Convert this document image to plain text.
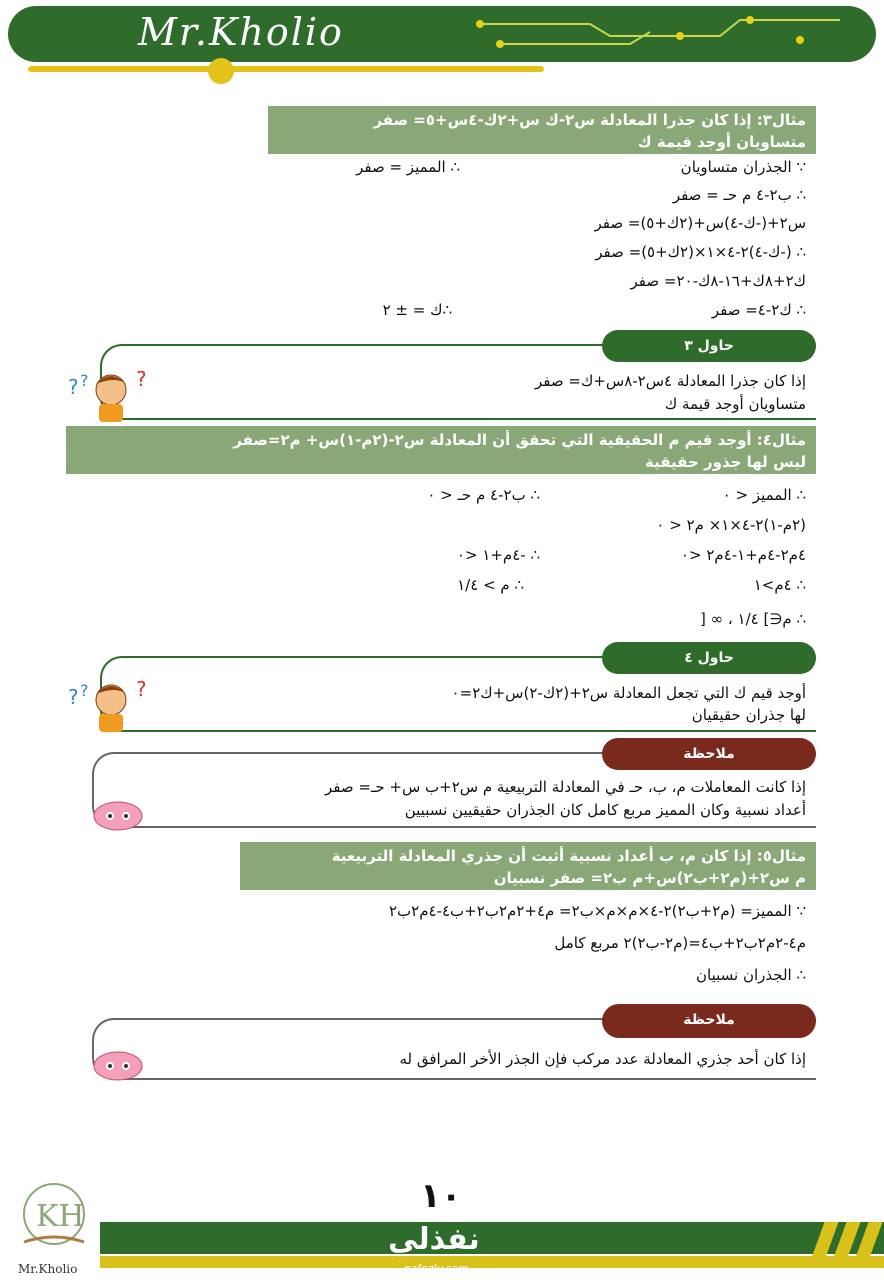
Mr.Kholio
مثال٣: إذا كان جذرا المعادلة س٢-ك س+٢ك-٤س+٥= صفر
متساويان أوجد قيمة ك
∵ الجذران متساويان
∴ المميز = صفر
∴ ب٢-٤ م حـ = صفر
س٢+(-ك-٤)س+(٢ك+٥)= صفر
∴ (-ك-٤)٢-٤×١×(٢ك+٥)= صفر
ك٢+٨ك+١٦-٨ك-٢٠= صفر
∴ ك٢-٤= صفر
∴ك = ± ٢
حاول ٣
إذا كان جذرا المعادلة ٤س٢-٨س+ك= صفر
متساويان أوجد قيمة ك
? ? ?
مثال٤: أوجد قيم م الحقيقية التي تحقق أن المعادلة س٢-(٢م-١)س+ م٢=صفر
ليس لها جذور حقيقية
∴ المميز < ٠
∴ ب٢-٤ م حـ < ٠
(٢م-١)٢-٤×١× م٢ < ٠
٤م٢-٤م+١-٤م٢ <٠
∴ -٤م+١ <٠
∴ ٤م>١
∴ م > ١/٤
∴ م∈] ١/٤ ، ∞ [
حاول ٤
أوجد قيم ك التي تجعل المعادلة س٢+(٢ك-٢)س+ك٢=٠
لها جذران حقيقيان
? ? ?
ملاحظة
إذا كانت المعاملات م، ب، حـ في المعادلة التربيعية م س٢+ب س+ حـ= صفر
أعداد نسبية وكان المميز مربع كامل كان الجذران حقيقيين نسبيين
مثال٥: إذا كان م، ب أعداد نسبية أثبت أن جذري المعادلة التربيعية
م س٢+(م٢+ب٢)س+م ب٢= صفر نسبيان
∵ المميز= (م٢+ب٢)٢-٤×م×م×ب٢= م٤+٢م٢ب٢+ب٤-٤م٢ب٢
م٤-٢م٢ب٢+ب٤=(م٢-ب٢)٢ مربع كامل
∴ الجذران نسبيان
ملاحظة
إذا كان أحد جذري المعادلة عدد مركب فإن الجذر الأخر المرافق له
١٠
نفذلي
nafezly.com
KH
Mr.Kholio
